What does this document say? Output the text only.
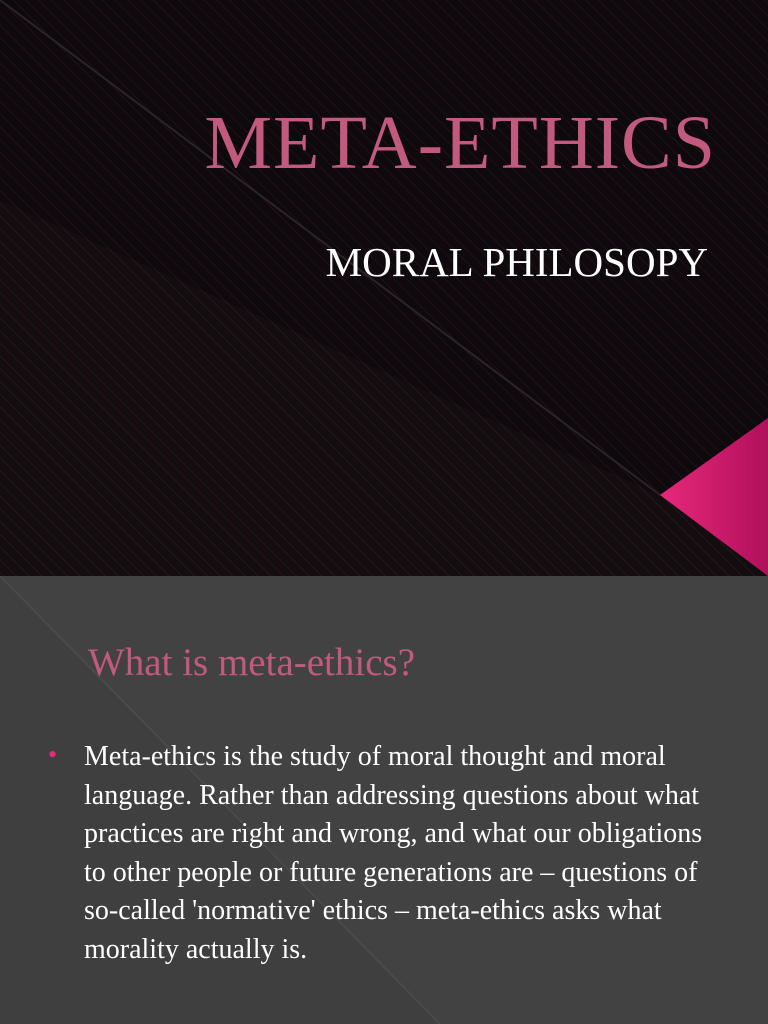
META-ETHICS
MORAL PHILOSOPY
What is meta-ethics?
• Meta-ethics is the study of moral thought and moral language. Rather than addressing questions about what practices are right and wrong, and what our obligations to other people or future generations are – questions of so-called 'normative' ethics – meta-ethics asks what morality actually is.
